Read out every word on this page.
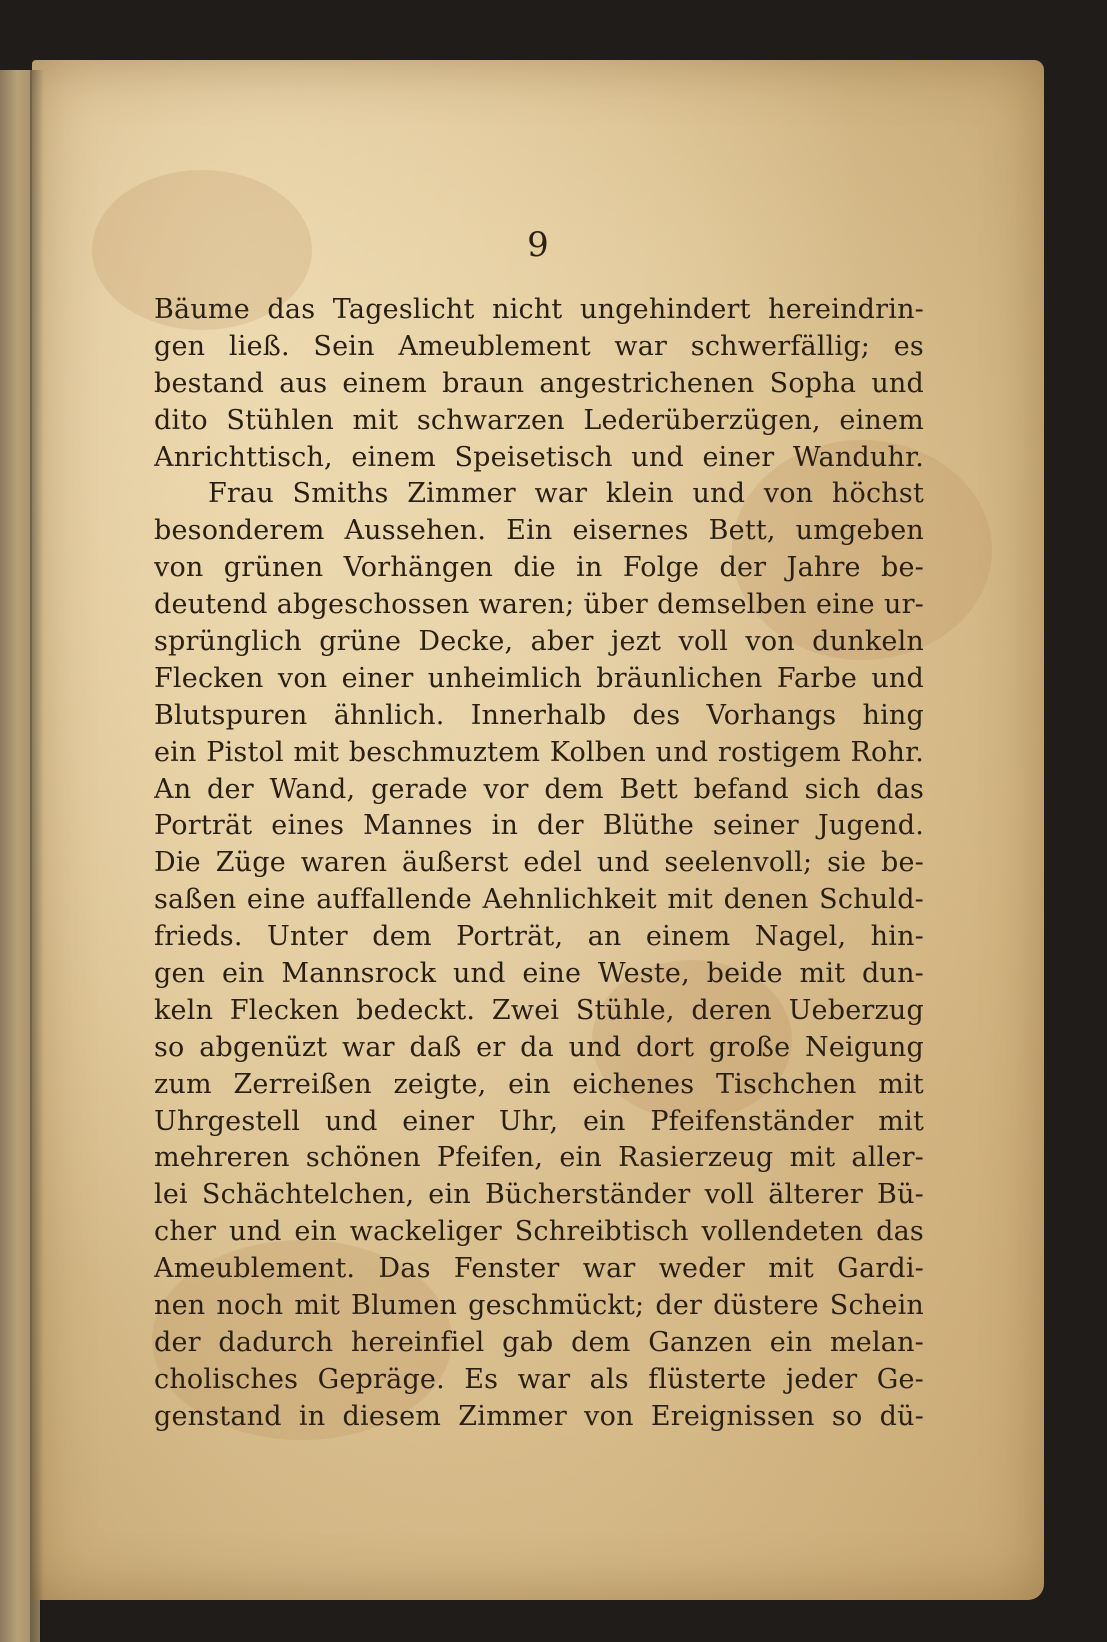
9
Bäume das Tageslicht nicht ungehindert hereindrin-
gen ließ. Sein Ameublement war schwerfällig; es
bestand aus einem braun angestrichenen Sopha und
dito Stühlen mit schwarzen Lederüberzügen, einem
Anrichttisch, einem Speisetisch und einer Wanduhr.
Frau Smiths Zimmer war klein und von höchst
besonderem Aussehen. Ein eisernes Bett, umgeben
von grünen Vorhängen die in Folge der Jahre be-
deutend abgeschossen waren; über demselben eine ur-
sprünglich grüne Decke, aber jezt voll von dunkeln
Flecken von einer unheimlich bräunlichen Farbe und
Blutspuren ähnlich. Innerhalb des Vorhangs hing
ein Pistol mit beschmuztem Kolben und rostigem Rohr.
An der Wand, gerade vor dem Bett befand sich das
Porträt eines Mannes in der Blüthe seiner Jugend.
Die Züge waren äußerst edel und seelenvoll; sie be-
saßen eine auffallende Aehnlichkeit mit denen Schuld-
frieds. Unter dem Porträt, an einem Nagel, hin-
gen ein Mannsrock und eine Weste, beide mit dun-
keln Flecken bedeckt. Zwei Stühle, deren Ueberzug
so abgenüzt war daß er da und dort große Neigung
zum Zerreißen zeigte, ein eichenes Tischchen mit
Uhrgestell und einer Uhr, ein Pfeifenständer mit
mehreren schönen Pfeifen, ein Rasierzeug mit aller-
lei Schächtelchen, ein Bücherständer voll älterer Bü-
cher und ein wackeliger Schreibtisch vollendeten das
Ameublement. Das Fenster war weder mit Gardi-
nen noch mit Blumen geschmückt; der düstere Schein
der dadurch hereinfiel gab dem Ganzen ein melan-
cholisches Gepräge. Es war als flüsterte jeder Ge-
genstand in diesem Zimmer von Ereignissen so dü-
